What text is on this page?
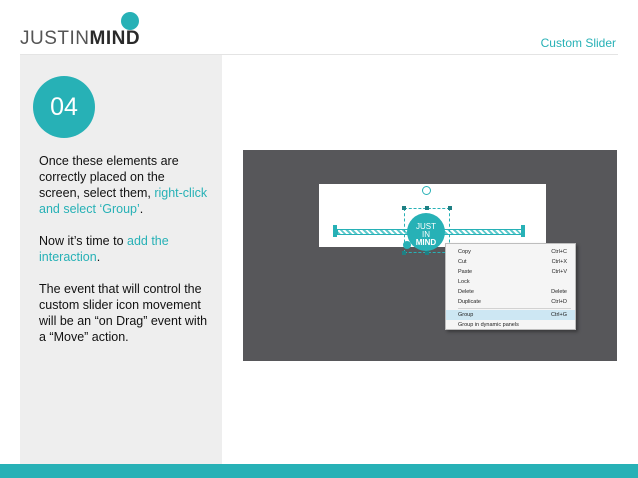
JUSTINMIND	Custom Slider
04

Once these elements are correctly placed on the screen, select them, right-click and select ‘Group’.

Now it’s time to add the interaction.

The event that will control the custom slider icon movement will be an “on Drag” event with a “Move” action.

JUST
IN
MIND
Copy	Ctrl+C
Cut	Ctrl+X
Paste	Ctrl+V
Lock
Delete	Delete
Duplicate	Ctrl+D
Group	Ctrl+G
Group in dynamic panels
